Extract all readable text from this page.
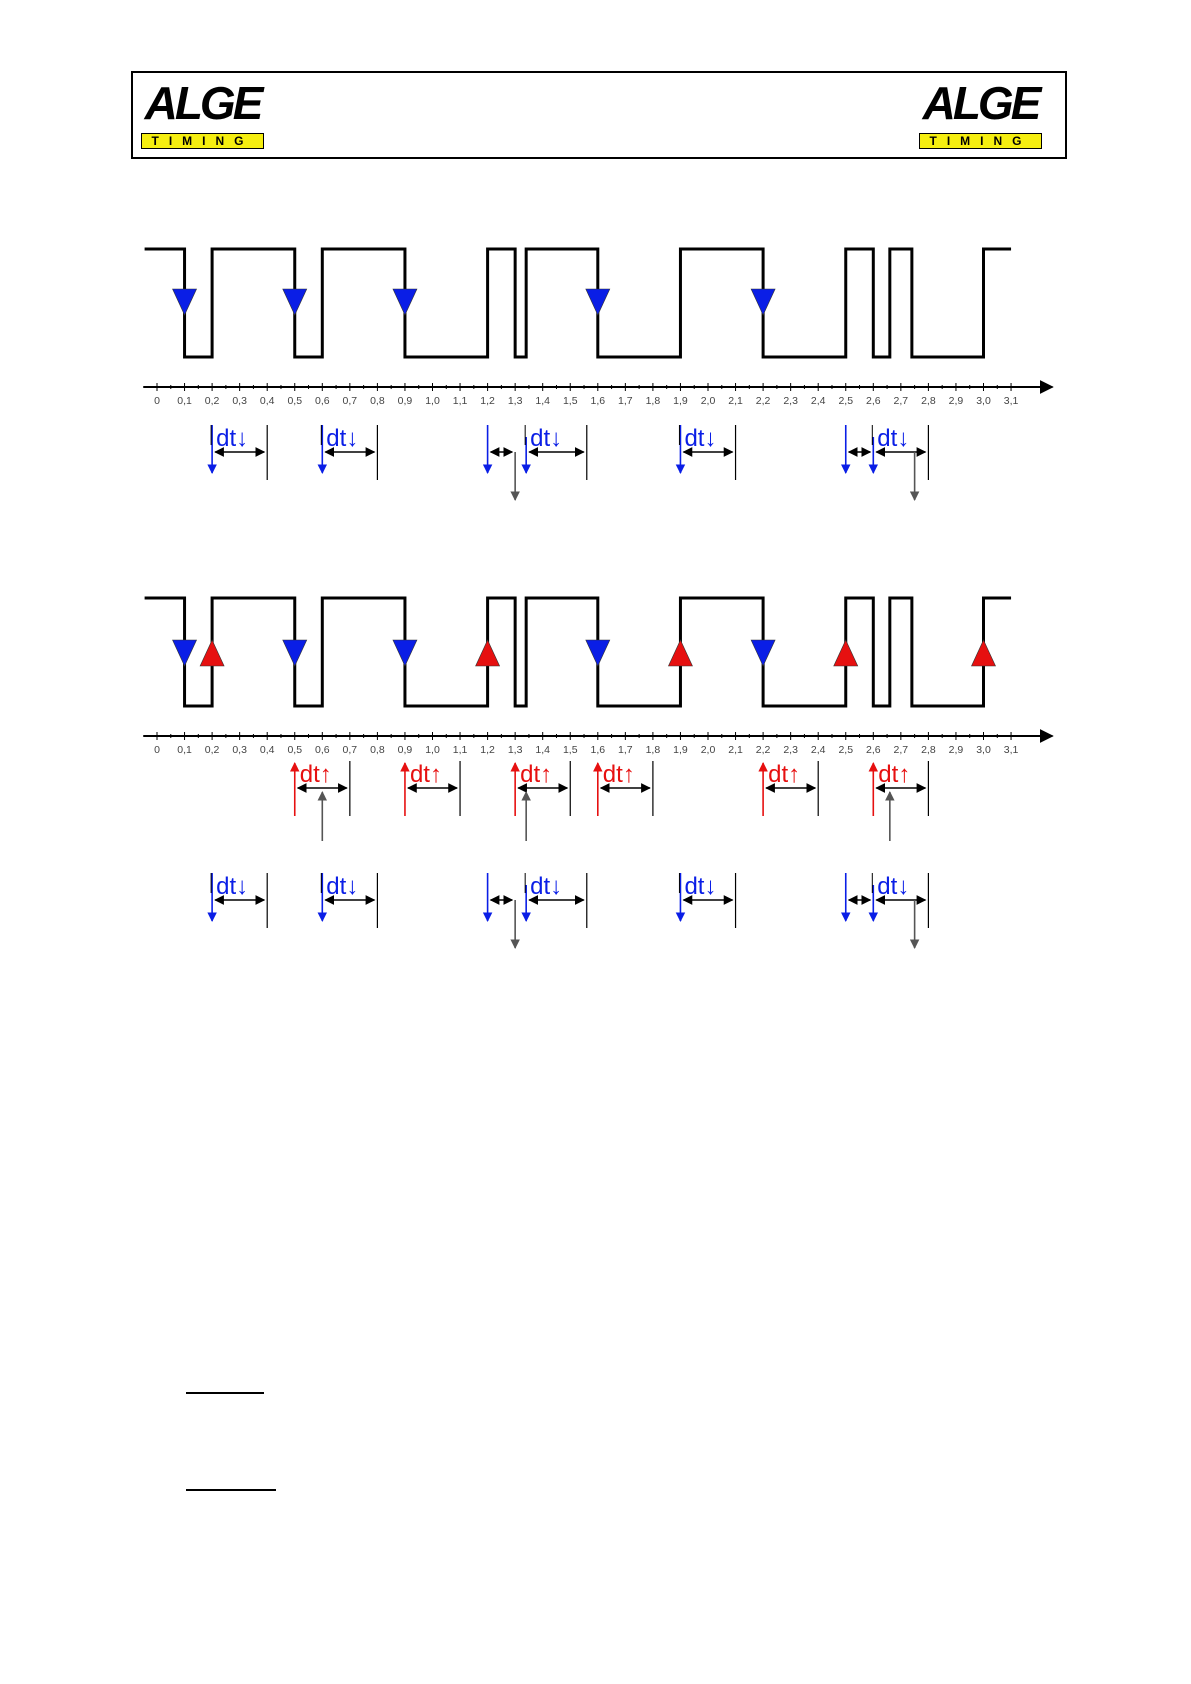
ALGE
TIMING
ALGE
TIMING
0 0,1 0,2 0,3 0,4 0,5 0,6 0,7 0,8 0,9 1,0 1,1 1,2 1,3 1,4 1,5 1,6 1,7 1,8 1,9 2,0 2,1 2,2 2,3 2,4 2,5 2,6 2,7 2,8 2,9 3,0 3,1
dt↓	dt↓	dt↓	dt↓	dt↓
0 0,1 0,2 0,3 0,4 0,5 0,6 0,7 0,8 0,9 1,0 1,1 1,2 1,3 1,4 1,5 1,6 1,7 1,8 1,9 2,0 2,1 2,2 2,3 2,4 2,5 2,6 2,7 2,8 2,9 3,0 3,1
dt↑	dt↑	dt↑ dt↑	dt↑	dt↑
dt↓	dt↓	dt↓	dt↓	dt↓
